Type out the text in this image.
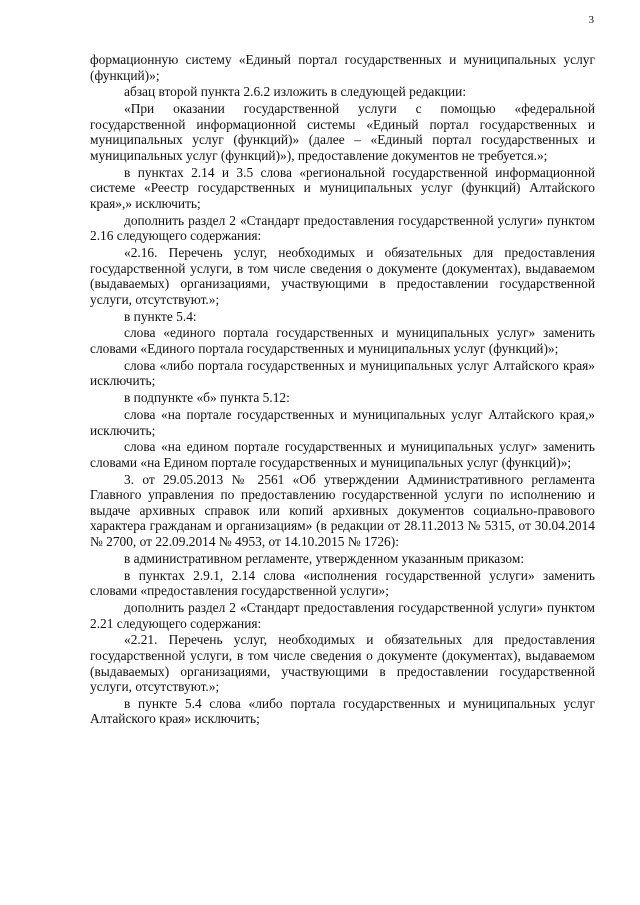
3

формационную систему «Единый портал государственных и муниципальных услуг (функций)»;

абзац второй пункта 2.6.2 изложить в следующей редакции:

«При оказании государственной услуги с помощью «федеральной государственной информационной системы «Единый портал государственных и муниципальных услуг (функций)» (далее – «Единый портал государственных и муниципальных услуг (функций)»), предоставление документов не требуется.»;

в пунктах 2.14 и 3.5 слова «региональной государственной информационной системе «Реестр государственных и муниципальных услуг (функций) Алтайского края»,» исключить;

дополнить раздел 2 «Стандарт предоставления государственной услуги» пунктом 2.16 следующего содержания:

«2.16. Перечень услуг, необходимых и обязательных для предоставления государственной услуги, в том числе сведения о документе (документах), выдаваемом (выдаваемых) организациями, участвующими в предоставлении государственной услуги, отсутствуют.»;

в пункте 5.4:

слова «единого портала государственных и муниципальных услуг» заменить словами «Единого портала государственных и муниципальных услуг (функций)»;

слова «либо портала государственных и муниципальных услуг Алтайского края» исключить;

в подпункте «б» пункта 5.12:

слова «на портале государственных и муниципальных услуг Алтайского края,» исключить;

слова «на едином портале государственных и муниципальных услуг» заменить словами «на Едином портале государственных и муниципальных услуг (функций)»;

3. от 29.05.2013 № 2561 «Об утверждении Административного регламента Главного управления по предоставлению государственной услуги по исполнению и выдаче архивных справок или копий архивных документов социально-правового характера гражданам и организациям» (в редакции от 28.11.2013 № 5315, от 30.04.2014 № 2700, от 22.09.2014 № 4953, от 14.10.2015 № 1726):

в административном регламенте, утвержденном указанным приказом:

в пунктах 2.9.1, 2.14 слова «исполнения государственной услуги» заменить словами «предоставления государственной услуги»;

дополнить раздел 2 «Стандарт предоставления государственной услуги» пунктом 2.21 следующего содержания:

«2.21. Перечень услуг, необходимых и обязательных для предоставления государственной услуги, в том числе сведения о документе (документах), выдаваемом (выдаваемых) организациями, участвующими в предоставлении государственной услуги, отсутствуют.»;

в пункте 5.4 слова «либо портала государственных и муниципальных услуг Алтайского края» исключить;
